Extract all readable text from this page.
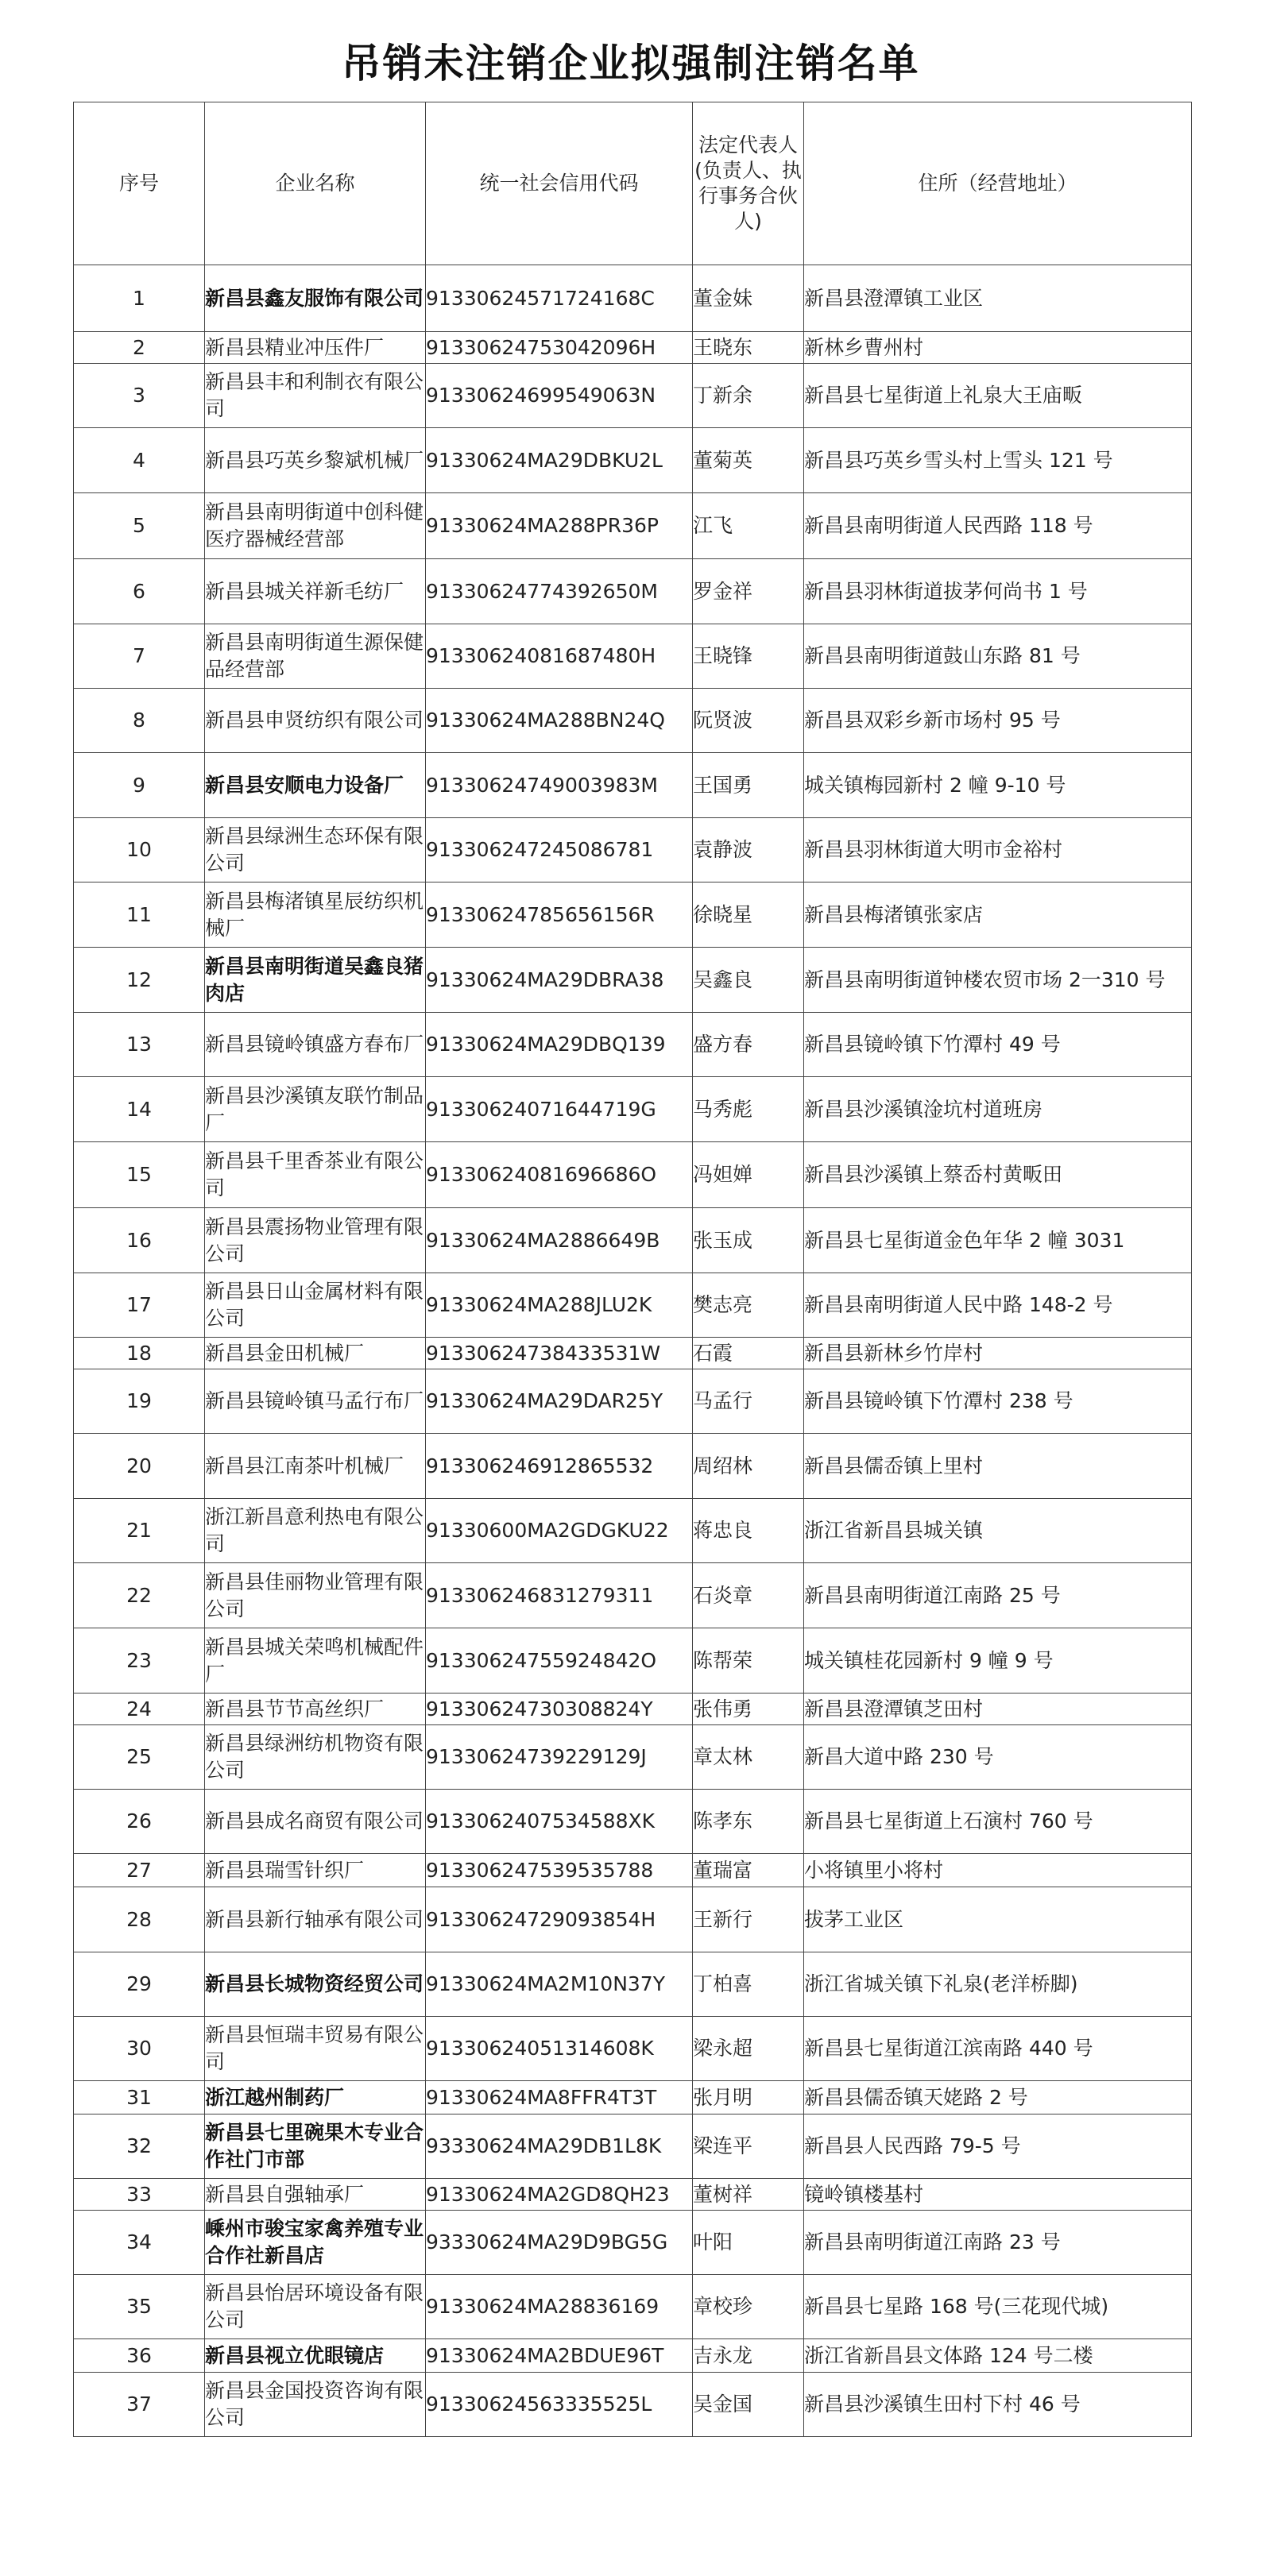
吊销未注销企业拟强制注销名单
序号	企业名称	统一社会信用代码	法定代表人(负责人、执行事务合伙人)	住所（经营地址）
1	新昌县鑫友服饰有限公司	91330624571724168C	董金妹	新昌县澄潭镇工业区
2	新昌县精业冲压件厂	91330624753042096H	王晓东	新林乡曹州村
3	新昌县丰和利制衣有限公司	91330624699549063N	丁新余	新昌县七星街道上礼泉大王庙畈
4	新昌县巧英乡黎斌机械厂	91330624MA29DBKU2L	董菊英	新昌县巧英乡雪头村上雪头 121 号
5	新昌县南明街道中创科健医疗器械经营部	91330624MA288PR36P	江飞	新昌县南明街道人民西路 118 号
6	新昌县城关祥新毛纺厂	91330624774392650M	罗金祥	新昌县羽林街道拔茅何尚书 1 号
7	新昌县南明街道生源保健品经营部	91330624081687480H	王晓锋	新昌县南明街道鼓山东路 81 号
8	新昌县申贤纺织有限公司	91330624MA288BN24Q	阮贤波	新昌县双彩乡新市场村 95 号
9	新昌县安顺电力设备厂	91330624749003983M	王国勇	城关镇梅园新村 2 幢 9-10 号
10	新昌县绿洲生态环保有限公司	913306247245086781	袁静波	新昌县羽林街道大明市金裕村
11	新昌县梅渚镇星辰纺织机械厂	91330624785656156R	徐晓星	新昌县梅渚镇张家店
12	新昌县南明街道吴鑫良猪肉店	91330624MA29DBRA38	吴鑫良	新昌县南明街道钟楼农贸市场 2一310 号
13	新昌县镜岭镇盛方春布厂	91330624MA29DBQ139	盛方春	新昌县镜岭镇下竹潭村 49 号
14	新昌县沙溪镇友联竹制品厂	91330624071644719G	马秀彪	新昌县沙溪镇淦坑村道班房
15	新昌县千里香茶业有限公司	91330624081696686O	冯妲婵	新昌县沙溪镇上蔡岙村黄畈田
16	新昌县震扬物业管理有限公司	91330624MA2886649B	张玉成	新昌县七星街道金色年华 2 幢 3031
17	新昌县日山金属材料有限公司	91330624MA288JLU2K	樊志亮	新昌县南明街道人民中路 148-2 号
18	新昌县金田机械厂	91330624738433531W	石霞	新昌县新林乡竹岸村
19	新昌县镜岭镇马孟行布厂	91330624MA29DAR25Y	马孟行	新昌县镜岭镇下竹潭村 238 号
20	新昌县江南茶叶机械厂	913306246912865532	周绍林	新昌县儒岙镇上里村
21	浙江新昌意利热电有限公司	91330600MA2GDGKU22	蒋忠良	浙江省新昌县城关镇
22	新昌县佳丽物业管理有限公司	913306246831279311	石炎章	新昌县南明街道江南路 25 号
23	新昌县城关荣鸣机械配件厂	91330624755924842O	陈帮荣	城关镇桂花园新村 9 幢 9 号
24	新昌县节节高丝织厂	91330624730308824Y	张伟勇	新昌县澄潭镇芝田村
25	新昌县绿洲纺机物资有限公司	91330624739229129J	章太林	新昌大道中路 230 号
26	新昌县成名商贸有限公司	9133062407534588XK	陈孝东	新昌县七星街道上石演村 760 号
27	新昌县瑞雪针织厂	913306247539535788	董瑞富	小将镇里小将村
28	新昌县新行轴承有限公司	91330624729093854H	王新行	拔茅工业区
29	新昌县长城物资经贸公司	91330624MA2M10N37Y	丁柏喜	浙江省城关镇下礼泉(老洋桥脚)
30	新昌县恒瑞丰贸易有限公司	91330624051314608K	梁永超	新昌县七星街道江滨南路 440 号
31	浙江越州制药厂	91330624MA8FFR4T3T	张月明	新昌县儒岙镇天姥路 2 号
32	新昌县七里碗果木专业合作社门市部	93330624MA29DB1L8K	梁连平	新昌县人民西路 79-5 号
33	新昌县自强轴承厂	91330624MA2GD8QH23	董树祥	镜岭镇楼基村
34	嵊州市骏宝家禽养殖专业合作社新昌店	93330624MA29D9BG5G	叶阳	新昌县南明街道江南路 23 号
35	新昌县怡居环境设备有限公司	91330624MA28836169	章校珍	新昌县七星路 168 号(三花现代城)
36	新昌县视立优眼镜店	91330624MA2BDUE96T	吉永龙	浙江省新昌县文体路 124 号二楼
37	新昌县金国投资咨询有限公司	91330624563335525L	吴金国	新昌县沙溪镇生田村下村 46 号
